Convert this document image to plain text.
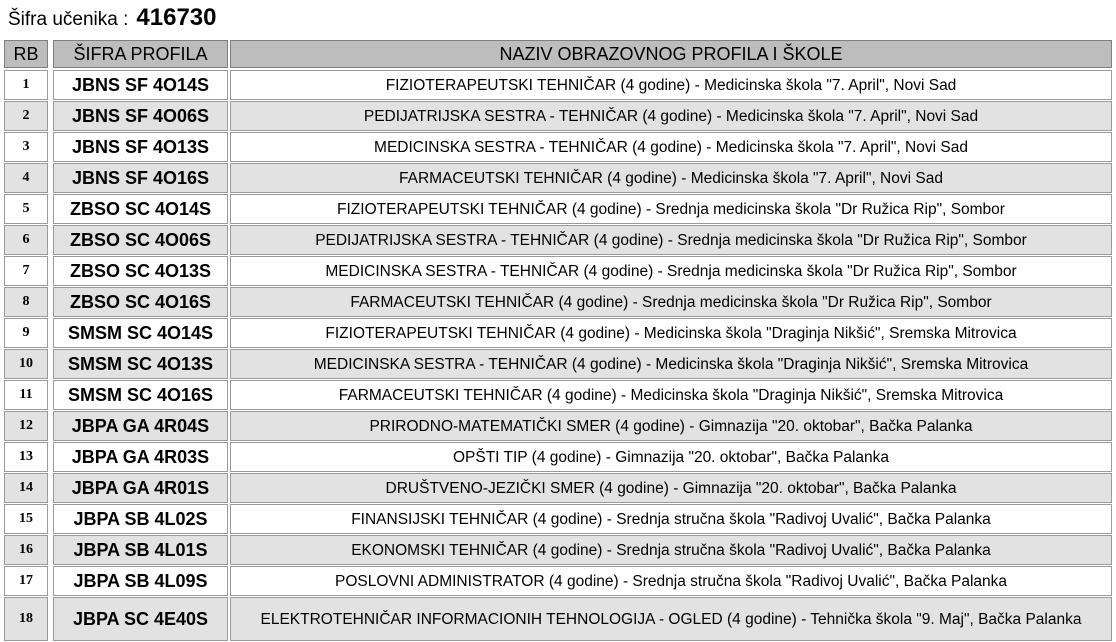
Šifra učenika : 416730
RB	ŠIFRA PROFILA	NAZIV OBRAZOVNOG PROFILA I ŠKOLE
1	JBNS SF 4O14S	FIZIOTERAPEUTSKI TEHNIČAR (4 godine) - Medicinska škola "7. April", Novi Sad
2	JBNS SF 4O06S	PEDIJATRIJSKA SESTRA - TEHNIČAR (4 godine) - Medicinska škola "7. April", Novi Sad
3	JBNS SF 4O13S	MEDICINSKA SESTRA - TEHNIČAR (4 godine) - Medicinska škola "7. April", Novi Sad
4	JBNS SF 4O16S	FARMACEUTSKI TEHNIČAR (4 godine) - Medicinska škola "7. April", Novi Sad
5	ZBSO SC 4O14S	FIZIOTERAPEUTSKI TEHNIČAR (4 godine) - Srednja medicinska škola "Dr Ružica Rip", Sombor
6	ZBSO SC 4O06S	PEDIJATRIJSKA SESTRA - TEHNIČAR (4 godine) - Srednja medicinska škola "Dr Ružica Rip", Sombor
7	ZBSO SC 4O13S	MEDICINSKA SESTRA - TEHNIČAR (4 godine) - Srednja medicinska škola "Dr Ružica Rip", Sombor
8	ZBSO SC 4O16S	FARMACEUTSKI TEHNIČAR (4 godine) - Srednja medicinska škola "Dr Ružica Rip", Sombor
9	SMSM SC 4O14S	FIZIOTERAPEUTSKI TEHNIČAR (4 godine) - Medicinska škola "Draginja Nikšić", Sremska Mitrovica
10	SMSM SC 4O13S	MEDICINSKA SESTRA - TEHNIČAR (4 godine) - Medicinska škola "Draginja Nikšić", Sremska Mitrovica
11	SMSM SC 4O16S	FARMACEUTSKI TEHNIČAR (4 godine) - Medicinska škola "Draginja Nikšić", Sremska Mitrovica
12	JBPA GA 4R04S	PRIRODNO-MATEMATIČKI SMER (4 godine) - Gimnazija "20. oktobar", Bačka Palanka
13	JBPA GA 4R03S	OPŠTI TIP (4 godine) - Gimnazija "20. oktobar", Bačka Palanka
14	JBPA GA 4R01S	DRUŠTVENO-JEZIČKI SMER (4 godine) - Gimnazija "20. oktobar", Bačka Palanka
15	JBPA SB 4L02S	FINANSIJSKI TEHNIČAR (4 godine) - Srednja stručna škola "Radivoj Uvalić", Bačka Palanka
16	JBPA SB 4L01S	EKONOMSKI TEHNIČAR (4 godine) - Srednja stručna škola "Radivoj Uvalić", Bačka Palanka
17	JBPA SB 4L09S	POSLOVNI ADMINISTRATOR (4 godine) - Srednja stručna škola "Radivoj Uvalić", Bačka Palanka
18	JBPA SC 4E40S	ELEKTROTEHNIČAR INFORMACIONIH TEHNOLOGIJA - OGLED (4 godine) - Tehnička škola "9. Maj", Bačka Palanka
